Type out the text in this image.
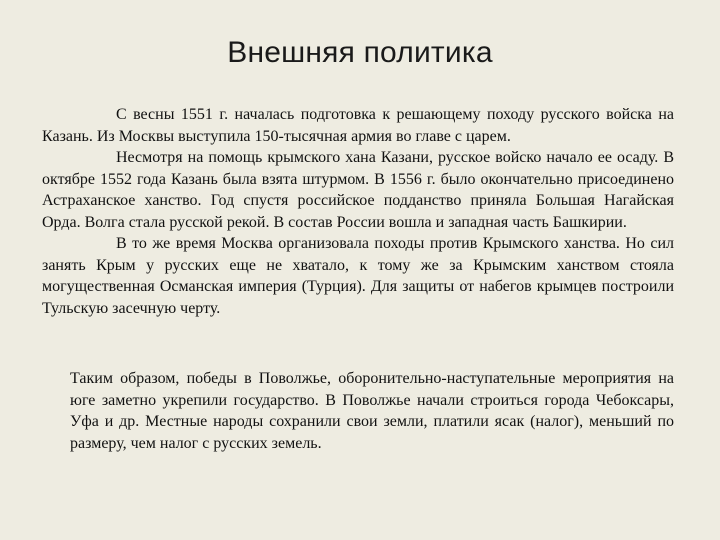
Внешняя политика

С весны 1551 г. началась подготовка к решающему походу русского войска на Казань. Из Москвы выступила 150-тысячная армия во главе с царем.

Несмотря на помощь крымского хана Казани, русское войско начало ее осаду. В октябре 1552 года Казань была взята штурмом. В 1556 г. было окончательно присоединено Астраханское ханство. Год спустя российское подданство приняла Большая Нагайская Орда. Волга стала русской рекой. В состав России вошла и западная часть Башкирии.

В то же время Москва организовала походы против Крымского ханства. Но сил занять Крым у русских еще не хватало, к тому же за Крымским ханством стояла могущественная Османская империя (Турция). Для защиты от набегов крымцев построили Тульскую засечную черту.

Таким образом, победы в Поволжье, оборонительно-наступательные мероприятия на юге заметно укрепили государство. В Поволжье начали строиться города Чебоксары, Уфа и др. Местные народы сохранили свои земли, платили ясак (налог), меньший по размеру, чем налог с русских земель.
